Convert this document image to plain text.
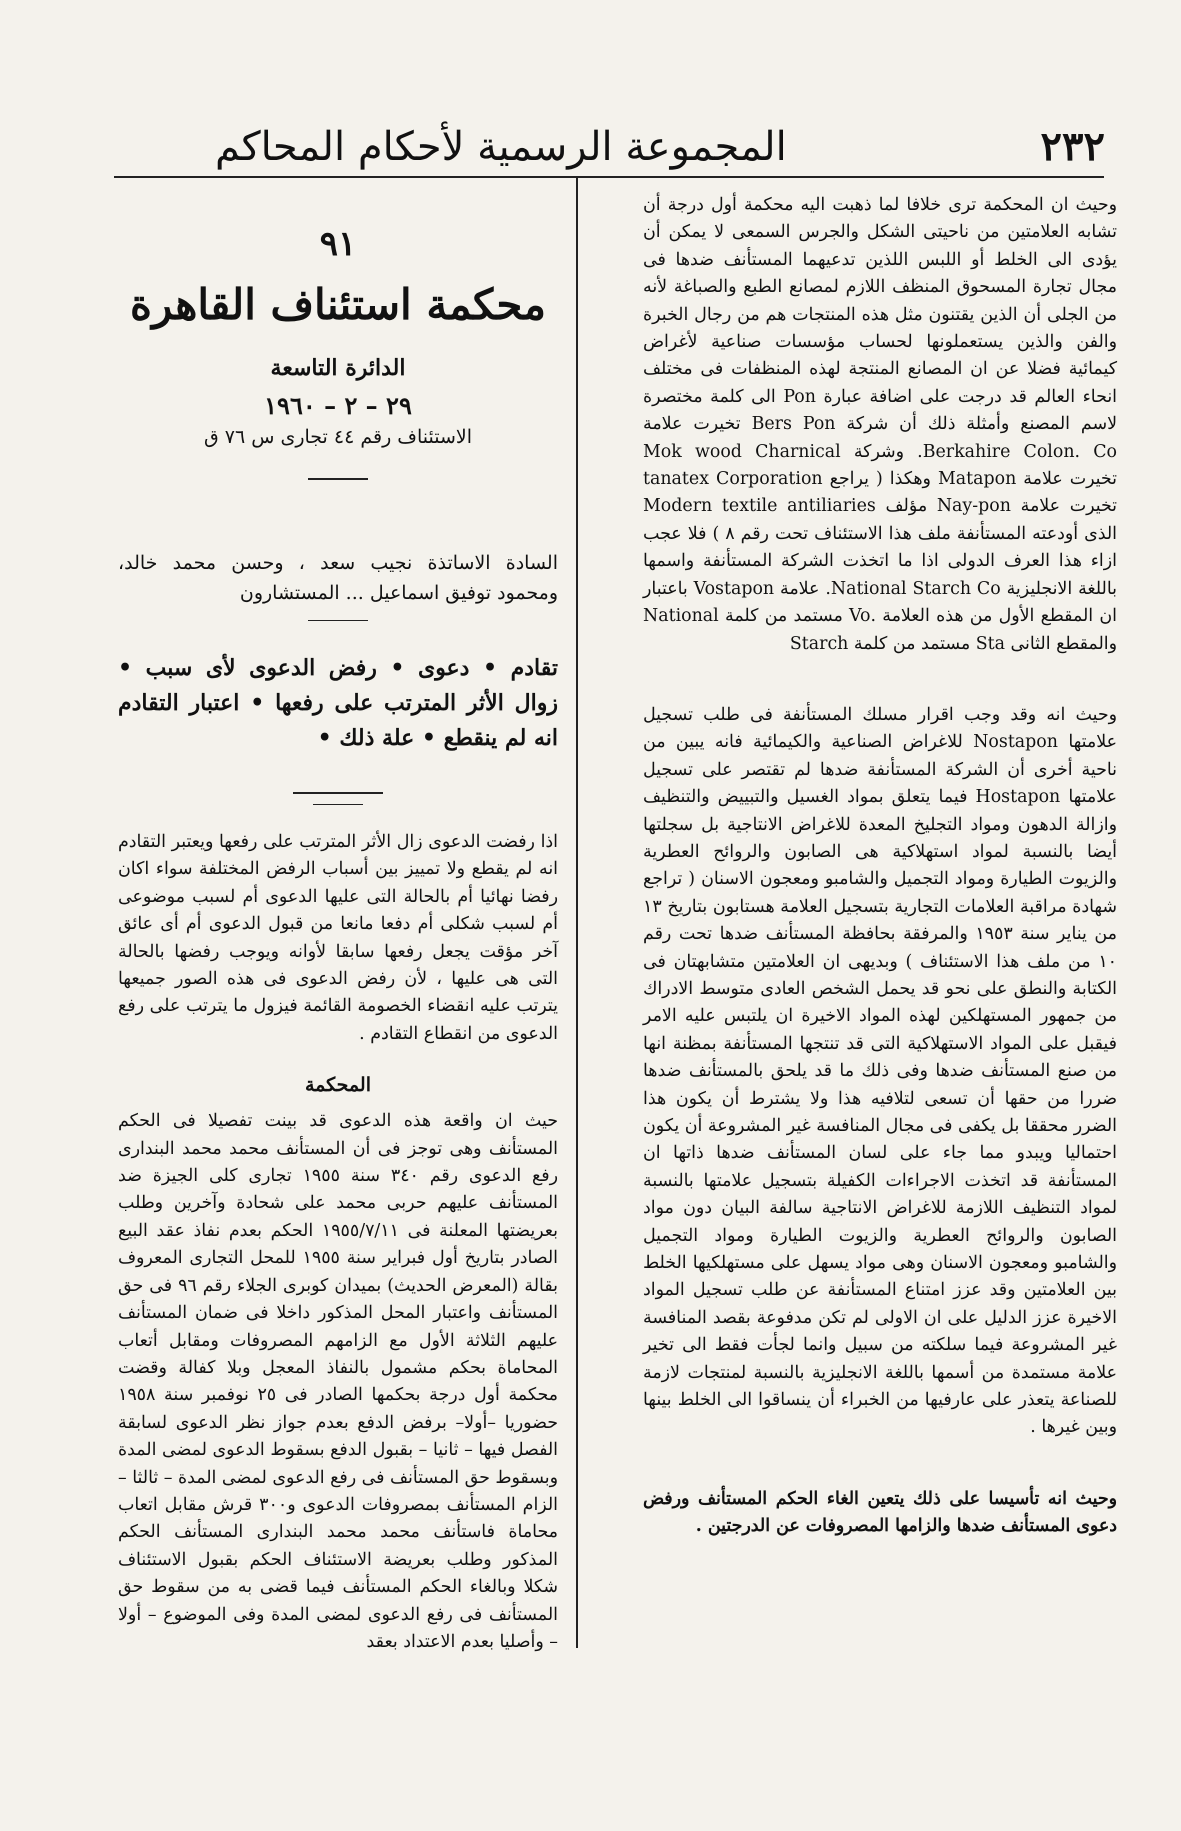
٢٣٢
المجموعة الرسمية لأحكام المحاكم

وحيث ان المحكمة ترى خلافا لما ذهبت اليه محكمة أول درجة أن تشابه العلامتين من ناحيتى الشكل والجرس السمعى لا يمكن أن يؤدى الى الخلط أو اللبس اللذين تدعيهما المستأنف ضدها فى مجال تجارة المسحوق المنظف اللازم لمصانع الطبع والصباغة لأنه من الجلى أن الذين يقتنون مثل هذه المنتجات هم من رجال الخبرة والفن والذين يستعملونها لحساب مؤسسات صناعية لأغراض كيمائية فضلا عن ان المصانع المنتجة لهذه المنظفات فى مختلف انحاء العالم قد درجت على اضافة عبارة Pon الى كلمة مختصرة لاسم المصنع وأمثلة ذلك أن شركة Bers Pon تخيرت علامة Berkahire Colon. Co. وشركة Mok wood Charnical تخيرت علامة Matapon وهكذا ( يراجع tanatex Corporation تخيرت علامة Nay-pon مؤلف Modern textile antiliaries الذى أودعته المستأنفة ملف هذا الاستئناف تحت رقم ٨ ) فلا عجب ازاء هذا العرف الدولى اذا ما اتخذت الشركة المستأنفة واسمها باللغة الانجليزية National Starch Co. علامة Vostapon باعتبار ان المقطع الأول من هذه العلامة .Vo مستمد من كلمة National والمقطع الثانى Sta مستمد من كلمة Starch

وحيث انه وقد وجب اقرار مسلك المستأنفة فى طلب تسجيل علامتها Nostapon للاغراض الصناعية والكيمائية فانه يبين من ناحية أخرى أن الشركة المستأنفة ضدها لم تقتصر على تسجيل علامتها Hostapon فيما يتعلق بمواد الغسيل والتبييض والتنظيف وازالة الدهون ومواد التجليخ المعدة للاغراض الانتاجية بل سجلتها أيضا بالنسبة لمواد استهلاكية هى الصابون والروائح العطرية والزيوت الطيارة ومواد التجميل والشامبو ومعجون الاسنان ( تراجع شهادة مراقبة العلامات التجارية بتسجيل العلامة هستابون بتاريخ ١٣ من يناير سنة ١٩٥٣ والمرفقة بحافظة المستأنف ضدها تحت رقم ١٠ من ملف هذا الاستئناف ) وبديهى ان العلامتين متشابهتان فى الكتابة والنطق على نحو قد يحمل الشخص العادى متوسط الادراك من جمهور المستهلكين لهذه المواد الاخيرة ان يلتبس عليه الامر فيقبل على المواد الاستهلاكية التى قد تنتجها المستأنفة بمظنة انها من صنع المستأنف ضدها وفى ذلك ما قد يلحق بالمستأنف ضدها ضررا من حقها أن تسعى لتلافيه هذا ولا يشترط أن يكون هذا الضرر محققا بل يكفى فى مجال المنافسة غير المشروعة أن يكون احتماليا ويبدو مما جاء على لسان المستأنف ضدها ذاتها ان المستأنفة قد اتخذت الاجراءات الكفيلة بتسجيل علامتها بالنسبة لمواد التنظيف اللازمة للاغراض الانتاجية سالفة البيان دون مواد الصابون والروائح العطرية والزيوت الطيارة ومواد التجميل والشامبو ومعجون الاسنان وهى مواد يسهل على مستهلكيها الخلط بين العلامتين وقد عزز امتناع المستأنفة عن طلب تسجيل المواد الاخيرة عزز الدليل على ان الاولى لم تكن مدفوعة بقصد المنافسة غير المشروعة فيما سلكته من سبيل وانما لجأت فقط الى تخير علامة مستمدة من أسمها باللغة الانجليزية بالنسبة لمنتجات لازمة للصناعة يتعذر على عارفيها من الخبراء أن ينساقوا الى الخلط بينها وبين غيرها .

وحيث انه تأسيسا على ذلك يتعين الغاء الحكم المستأنف ورفض دعوى المستأنف ضدها والزامها المصروفات عن الدرجتين .

٩١
محكمة استئناف القاهرة
الدائرة التاسعة
٢٩ – ٢ – ١٩٦٠
الاستئناف رقم ٤٤ تجارى س ٧٦ ق
السادة الاساتذة نجيب سعد ، وحسن محمد خالد، ومحمود توفيق اسماعيل ... المستشارون
تقادم • دعوى • رفض الدعوى لأى سبب • زوال الأثر المترتب على رفعها • اعتبار التقادم انه لم ينقطع • علة ذلك •

اذا رفضت الدعوى زال الأثر المترتب على رفعها ويعتبر التقادم انه لم يقطع ولا تمييز بين أسباب الرفض المختلفة سواء اكان رفضا نهائيا أم بالحالة التى عليها الدعوى أم لسبب موضوعى أم لسبب شكلى أم دفعا مانعا من قبول الدعوى أم أى عائق آخر مؤقت يجعل رفعها سابقا لأوانه ويوجب رفضها بالحالة التى هى عليها ، لأن رفض الدعوى فى هذه الصور جميعها يترتب عليه انقضاء الخصومة القائمة فيزول ما يترتب على رفع الدعوى من انقطاع التقادم .

المحكمة

حيث ان واقعة هذه الدعوى قد بينت تفصيلا فى الحكم المستأنف وهى توجز فى أن المستأنف محمد محمد البندارى رفع الدعوى رقم ٣٤٠ سنة ١٩٥٥ تجارى كلى الجيزة ضد المستأنف عليهم حربى محمد على شحادة وآخرين وطلب بعريضتها المعلنة فى ١٩٥٥/٧/١١ الحكم بعدم نفاذ عقد البيع الصادر بتاريخ أول فبراير سنة ١٩٥٥ للمحل التجارى المعروف بقالة (المعرض الحديث) بميدان كوبرى الجلاء رقم ٩٦ فى حق المستأنف واعتبار المحل المذكور داخلا فى ضمان المستأنف عليهم الثلاثة الأول مع الزامهم المصروفات ومقابل أتعاب المحاماة بحكم مشمول بالنفاذ المعجل وبلا كفالة وقضت محكمة أول درجة بحكمها الصادر فى ٢٥ نوفمبر سنة ١٩٥٨ حضوريا –أولا– برفض الدفع بعدم جواز نظر الدعوى لسابقة الفصل فيها – ثانيا – بقبول الدفع بسقوط الدعوى لمضى المدة وبسقوط حق المستأنف فى رفع الدعوى لمضى المدة – ثالثا – الزام المستأنف بمصروفات الدعوى و٣٠٠ قرش مقابل اتعاب محاماة فاستأنف محمد محمد البندارى المستأنف الحكم المذكور وطلب بعريضة الاستئناف الحكم بقبول الاستئناف شكلا وبالغاء الحكم المستأنف فيما قضى به من سقوط حق المستأنف فى رفع الدعوى لمضى المدة وفى الموضوع – أولا – وأصليا بعدم الاعتداد بعقد
